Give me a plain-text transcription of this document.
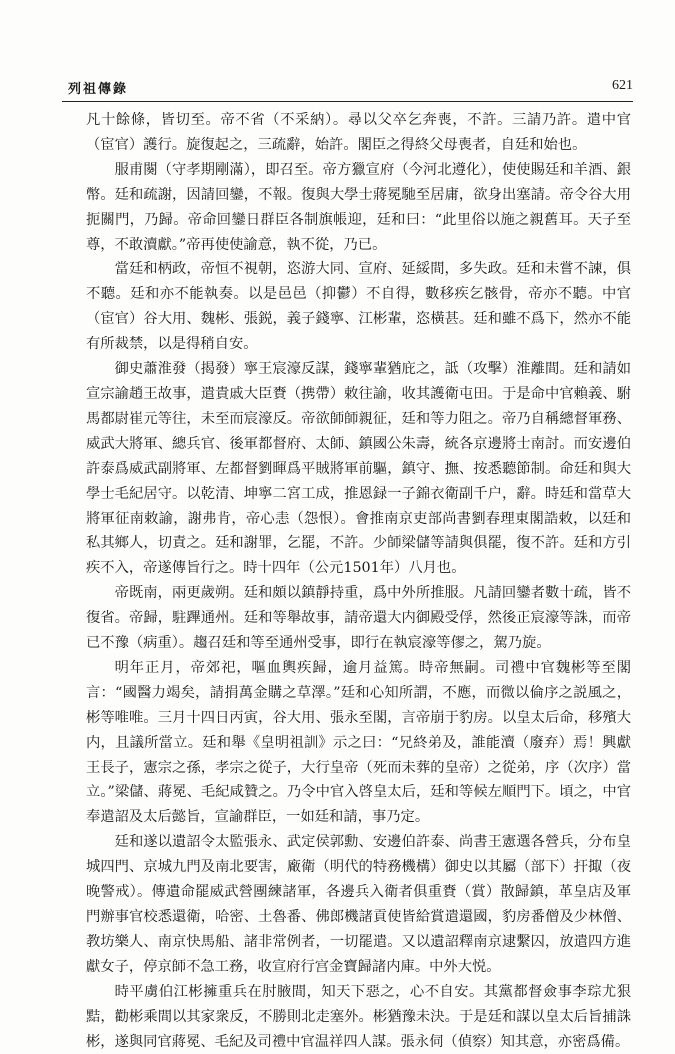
列祖傳錄	621

凡十餘條，皆切至。帝不省（不采納）。尋以父卒乞奔喪，不許。三請乃許。遣中官（宦官）護行。旋復起之，三疏辭，始許。閣臣之得終父母喪者，自廷和始也。

服甫闋（守孝期剛滿），即召至。帝方獵宣府（今河北遵化），使使賜廷和羊酒、銀幣。廷和疏謝，因請回鑾，不報。復與大學士蔣冕馳至居庸，欲身出塞請。帝令谷大用扼關門，乃歸。帝命回鑾日群臣各制旗帳迎，廷和曰：“此里俗以施之親舊耳。天子至尊，不敢瀆獻。”帝再使使諭意，執不從，乃已。

當廷和柄政，帝恒不視朝，恣游大同、宣府、延綏間，多失政。廷和未嘗不諫，俱不聽。廷和亦不能執奏。以是邑邑（抑鬱）不自得，數移疾乞骸骨，帝亦不聽。中官（宦官）谷大用、魏彬、張鋭，義子錢寧、江彬輩，恣橫甚。廷和雖不爲下，然亦不能有所裁禁，以是得稍自安。

御史蕭淮發（揭發）寧王宸濠反謀，錢寧輩猶庇之，詆（攻擊）淮離間。廷和請如宣宗諭趙王故事，遣貴戚大臣賚（携帶）敕往諭，收其護衛屯田。于是命中官賴義、駙馬都尉崔元等往，未至而宸濠反。帝欲師師親征，廷和等力阻之。帝乃自稱總督軍務、威武大將軍、總兵官、後軍都督府、太師、鎮國公朱壽，統各京邊將士南討。而安邊伯許泰爲威武副將軍、左都督劉暉爲平賊將軍前驅，鎮守、撫、按悉聽節制。命廷和與大學士毛紀居守。以乾清、坤寧二宮工成，推恩録一子錦衣衛副千户，辭。時廷和當草大將軍征南敕諭，謝弗肯，帝心恚（怨恨）。會推南京吏部尚書劉春理東閣誥敕，以廷和私其鄉人，切責之。廷和謝罪，乞罷，不許。少師梁儲等請與俱罷，復不許。廷和方引疾不入，帝遂傳旨行之。時十四年（公元1501年）八月也。

帝既南，兩更歲朔。廷和頗以鎮靜持重，爲中外所推服。凡請回鑾者數十疏，皆不復省。帝歸，駐蹕通州。廷和等舉故事，請帝還大内御殿受俘，然後正宸濠等誅，而帝已不豫（病重）。趨召廷和等至通州受事，即行在執宸濠等僇之，駕乃旋。

明年正月，帝郊祀，嘔血輿疾歸，逾月益篤。時帝無嗣。司禮中官魏彬等至閣言：“國醫力竭矣，請捐萬金購之草澤。”廷和心知所謂，不應，而微以倫序之説風之，彬等唯唯。三月十四日丙寅，谷大用、張永至閣，言帝崩于豹房。以皇太后命，移殯大内，且議所當立。廷和舉《皇明祖訓》示之曰：“兄終弟及，誰能瀆（廢弃）焉！興獻王長子，憲宗之孫，孝宗之從子，大行皇帝（死而未葬的皇帝）之從弟，序（次序）當立。”梁儲、蔣冕、毛紀咸贊之。乃令中官入啓皇太后，廷和等候左順門下。頃之，中官奉遣詔及太后懿旨，宣諭群臣，一如廷和請，事乃定。

廷和遂以遺詔令太監張永、武定侯郭勳、安邊伯許泰、尚書王憲選各營兵，分布皇城四門、京城九門及南北要害，廠衛（明代的特務機構）御史以其屬（部下）扞掫（夜晚警戒）。傳遺命罷威武營團練諸軍，各邊兵入衛者俱重賚（賞）散歸鎮，革皇店及軍門辦事官校悉還衛，哈密、土魯番、佛郎機諸貢使皆給賞遣還國，豹房番僧及少林僧、教坊樂人、南京快馬船、諸非常例者，一切罷遣。又以遺詔釋南京逮繫囚，放遣四方進獻女子，停京師不急工務，收宣府行宫金寶歸諸内庫。中外大悦。

時平虜伯江彬擁重兵在肘腋間，知天下惡之，心不自安。其黨都督僉事李琮尤狠黠，勸彬乘間以其家衆反，不勝則北走塞外。彬猶豫未決。于是廷和謀以皇太后旨捕誅彬，遂與同官蔣冕、毛紀及司禮中官温祥四人謀。張永伺（偵察）知其意，亦密爲備。
